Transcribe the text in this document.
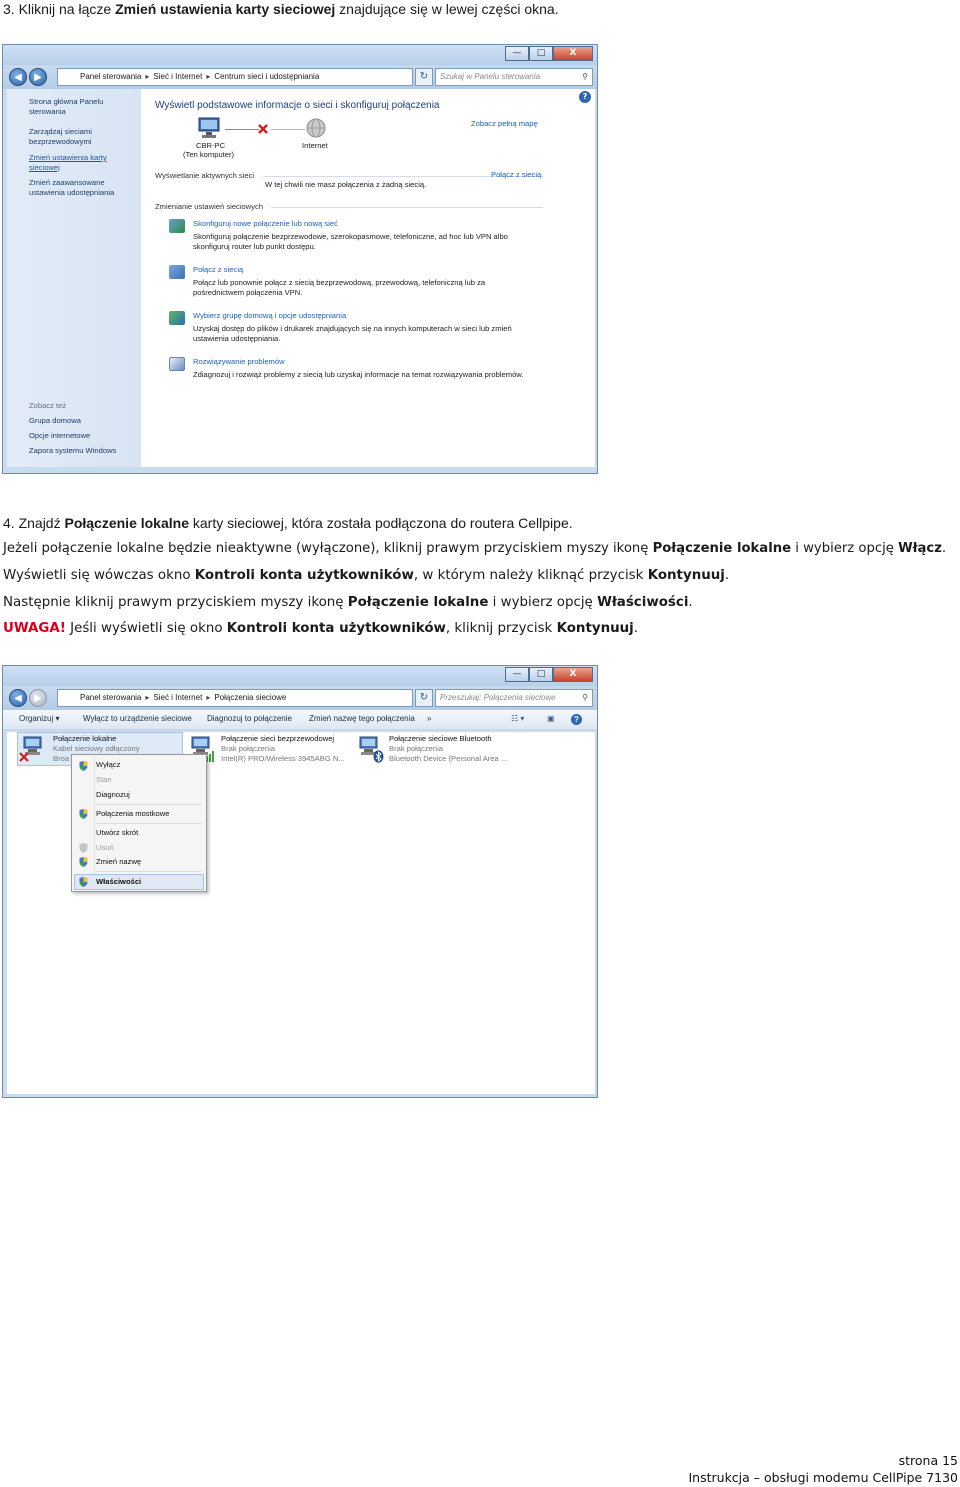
3. Kliknij na łącze Zmień ustawienia karty sieciowej znajdujące się w lewej części okna.
—	□	X
◀	▶	Panel sterowania ▸ Sieć i Internet ▸ Centrum sieci i udostępniania	↻	Szukaj w Panelu sterowania	⚲
Strona główna Panelu sterowania
Zarządzaj sieciami bezprzewodowymi
Zmień ustawienia karty sieciowej
Zmień zaawansowane ustawienia udostępniania
Zobacz też
Grupa domowa
Opcje internetowe
Zapora systemu Windows
Wyświetl podstawowe informacje o sieci i skonfiguruj połączenia
Zobacz pełną mapę
CBR-PC
(Ten komputer)
Internet
Wyświetlanie aktywnych sieci
W tej chwili nie masz połączenia z żadną siecią.
Połącz z siecią
Zmienianie ustawień sieciowych
Skonfiguruj nowe połączenie lub nową sieć
Skonfiguruj połączenie bezprzewodowe, szerokopasmowe, telefoniczne, ad hoc lub VPN albo
skonfiguruj router lub punkt dostępu.
Połącz z siecią
Połącz lub ponownie połącz z siecią bezprzewodową, przewodową, telefoniczną lub za
pośrednictwem połączenia VPN.
Wybierz grupę domową i opcje udostępniania
Uzyskaj dostęp do plików i drukarek znajdujących się na innych komputerach w sieci lub zmień
ustawienia udostępniania.
Rozwiązywanie problemów
Zdiagnozuj i rozwiąż problemy z siecią lub uzyskaj informacje na temat rozwiązywania problemów.
?
4. Znajdź Połączenie lokalne karty sieciowej, która została podłączona do routera Cellpipe.
Jeżeli połączenie lokalne będzie nieaktywne (wyłączone), kliknij prawym przyciskiem myszy ikonę Połączenie lokalne i wybierz opcję Włącz.
Wyświetli się wówczas okno Kontroli konta użytkowników, w którym należy kliknąć przycisk Kontynuuj.
Następnie kliknij prawym przyciskiem myszy ikonę Połączenie lokalne i wybierz opcję Właściwości.
UWAGA! Jeśli wyświetli się okno Kontroli konta użytkowników, kliknij przycisk Kontynuuj.
—	□	X
◀	▶	Panel sterowania ▸ Sieć i Internet ▸ Połączenia sieciowe	↻	Przeszukaj: Połączenia sieciowe	⚲
Organizuj ▾	Wyłącz to urządzenie sieciowe Diagnozuj to połączenie Zmień nazwę tego połączenia »	☷ ▾	▣	?
Połączenie lokalne
Kabel sieciowy odłączony
Broa
Połączenie sieci bezprzewodowej
Brak połączenia
Intel(R) PRO/Wireless 3945ABG N...
Połączenie sieciowe Bluetooth
Brak połączenia
Bluetooth Device (Personal Area ...
Wyłącz
Stan
Diagnozuj
Połączenia mostkowe
Utwórz skrót
Usuń
Zmień nazwę
Właściwości
strona 15
Instrukcja – obsługi modemu CellPipe 7130
